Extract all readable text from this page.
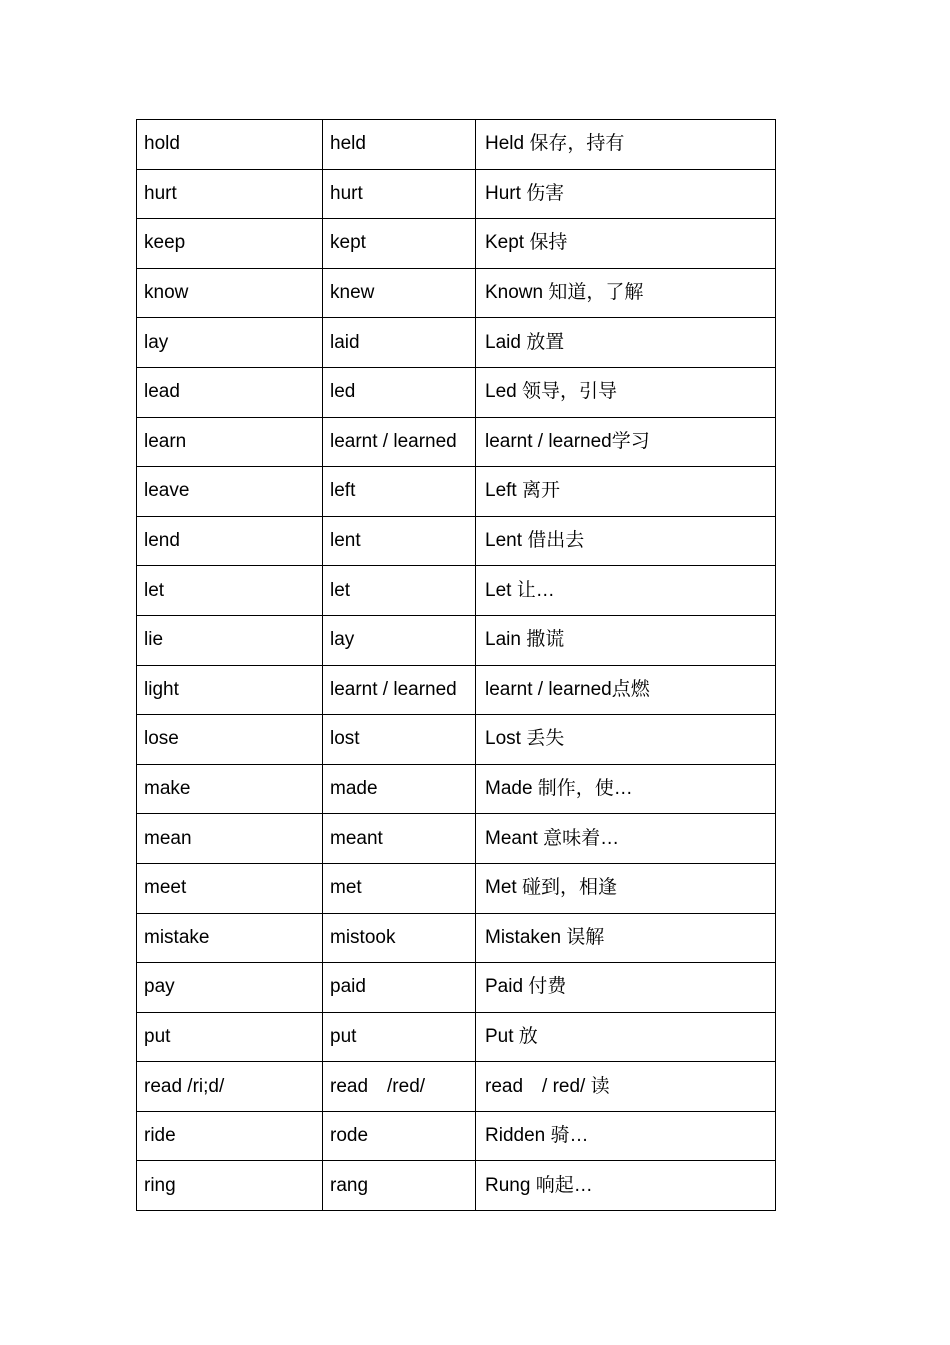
hold	held	Held 保存，持有
hurt	hurt	Hurt 伤害
keep	kept	Kept 保持
know	knew	Known 知道，了解
lay	laid	Laid 放置
lead	led	Led 领导，引导
learn	learnt / learned	learnt / learned学习
leave	left	Left 离开
lend	lent	Lent 借出去
let	let	Let 让…
lie	lay	Lain 撒谎
light	learnt / learned	learnt / learned点燃
lose	lost	Lost 丢失
make	made	Made 制作，使…
mean	meant	Meant 意味着…
meet	met	Met 碰到，相逢
mistake	mistook	Mistaken 误解
pay	paid	Paid 付费
put	put	Put 放
read /ri;d/	read　/red/	read　/ red/ 读
ride	rode	Ridden 骑…
ring	rang	Rung 响起…
